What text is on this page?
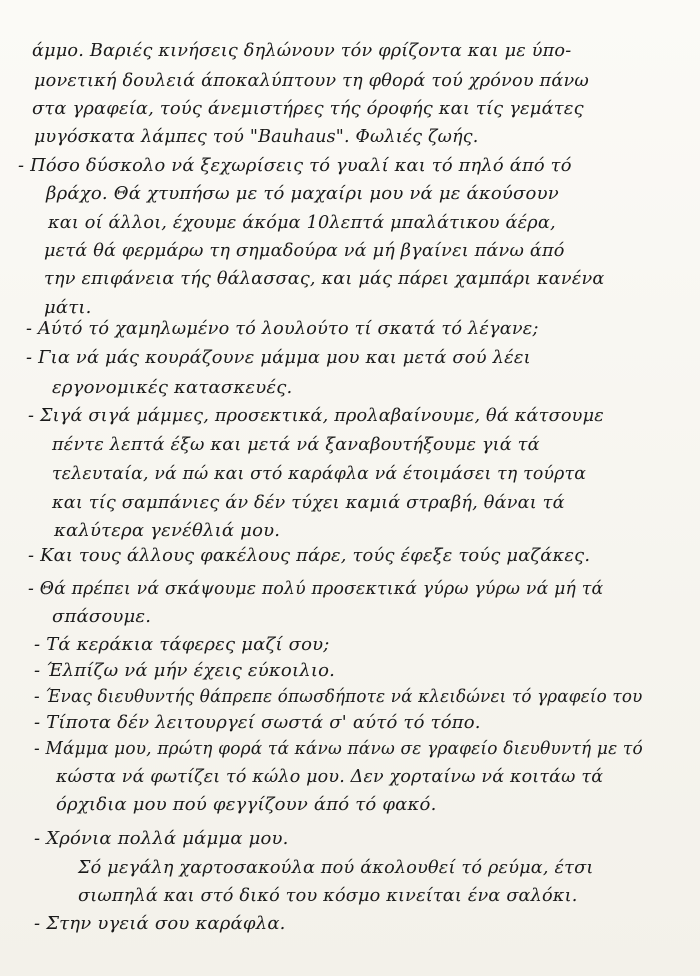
άμμο. Βαριές κινήσεις δηλώνουν τόν φρίζοντα και με ύπο-
μονετική δουλειά άποκαλύπτουν τη φθορά τού χρόνου πάνω
στα γραφεία, τούς άνεμιστήρες τής όροφής και τίς γεμάτες
μυγόσκατα λάμπες τού "Bauhaus". Φωλιές ζωής.
- Πόσο δύσκολο νά ξεχωρίσεις τό γυαλί και τό πηλό άπό τό
βράχο. Θά χτυπήσω με τό μαχαίρι μου νά με άκούσουν
και οί άλλοι, έχουμε άκόμα 10λεπτά μπαλάτικου άέρα,
μετά θά φερμάρω τη σημαδούρα νά μή βγαίνει πάνω άπό
την επιφάνεια τής θάλασσας, και μάς πάρει χαμπάρι κανένα
μάτι.
- Αύτό τό χαμηλωμένο τό λουλούτο τί σκατά τό λέγανε;
- Για νά μάς κουράζουνε μάμμα μου και μετά σού λέει
εργονομικές κατασκευές.
- Σιγά σιγά μάμμες, προσεκτικά, προλαβαίνουμε, θά κάτσουμε
πέντε λεπτά έξω και μετά νά ξαναβουτήξουμε γιά τά
τελευταία, νά πώ και στό καράφλα νά έτοιμάσει τη τούρτα
και τίς σαμπάνιες άν δέν τύχει καμιά στραβή, θάναι τά
καλύτερα γενέθλιά μου.
- Και τους άλλους φακέλους πάρε, τούς έφεξε τούς μαζάκες.
- Θά πρέπει νά σκάψουμε πολύ προσεκτικά γύρω γύρω νά μή τά
σπάσουμε.
- Τά κεράκια τάφερες μαζί σου;
- Έλπίζω νά μήν έχεις εύκοιλιο.
- Ένας διευθυντής θάπρεπε όπωσδήποτε νά κλειδώνει τό γραφείο του
- Τίποτα δέν λειτουργεί σωστά σ' αύτό τό τόπο.
- Μάμμα μου, πρώτη φορά τά κάνω πάνω σε γραφείο διευθυντή με τό
κώστα νά φωτίζει τό κώλο μου. Δεν χορταίνω νά κοιτάω τά
όρχιδια μου πού φεγγίζουν άπό τό φακό.
- Χρόνια πολλά μάμμα μου.
Σό μεγάλη χαρτοσακούλα πού άκολουθεί τό ρεύμα, έτσι
σιωπηλά και στό δικό του κόσμο κινείται ένα σαλόκι.
- Στην υγειά σου καράφλα.
